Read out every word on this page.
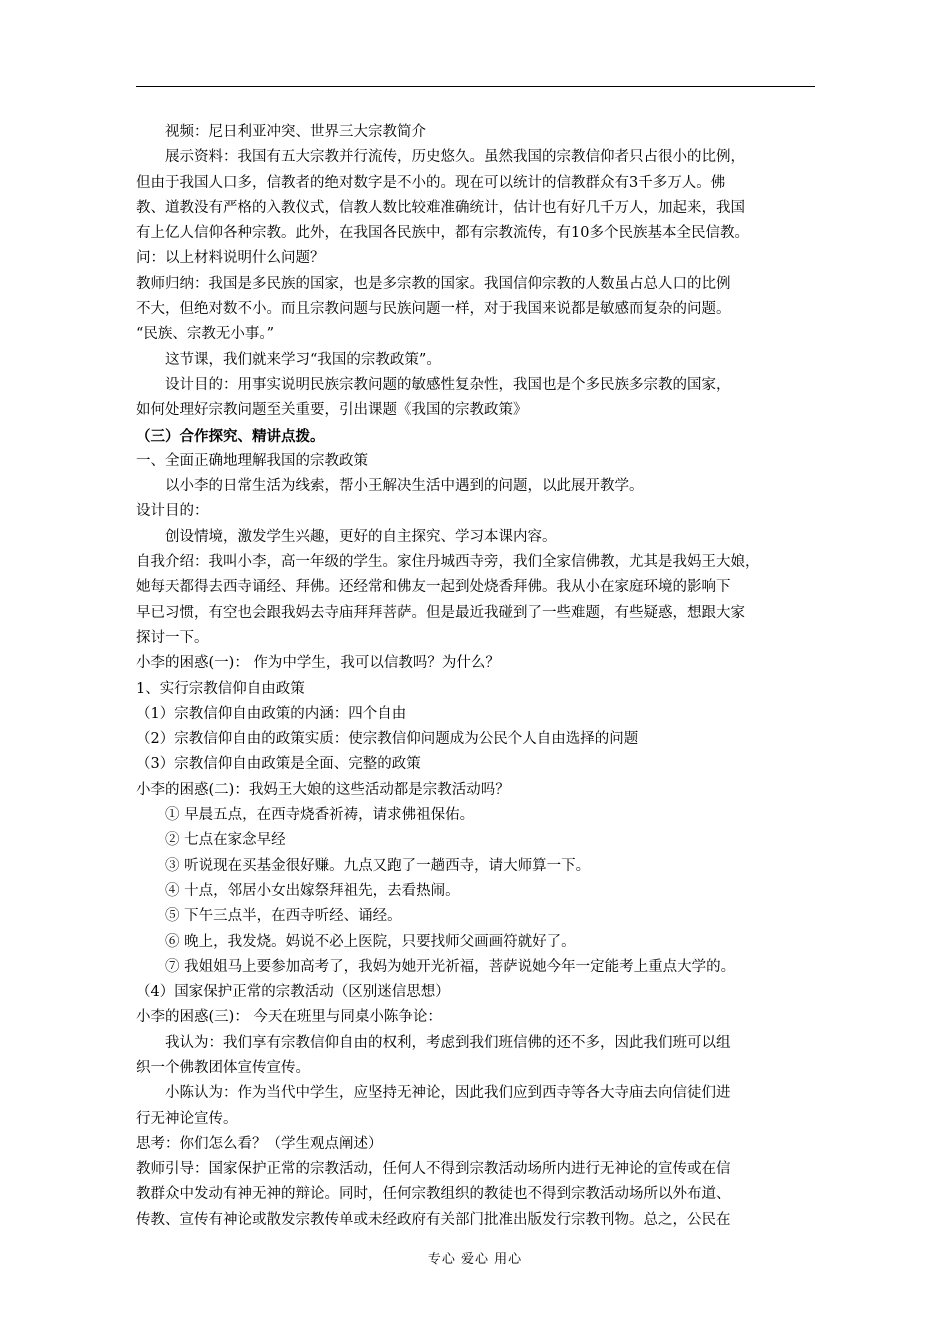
视频：尼日利亚冲突、世界三大宗教简介

展示资料：我国有五大宗教并行流传，历史悠久。虽然我国的宗教信仰者只占很小的比例，

但由于我国人口多，信教者的绝对数字是不小的。现在可以统计的信教群众有3千多万人。佛

教、道教没有严格的入教仪式，信教人数比较难准确统计，估计也有好几千万人，加起来，我国

有上亿人信仰各种宗教。此外，在我国各民族中，都有宗教流传，有10多个民族基本全民信教。

问：以上材料说明什么问题？

教师归纳：我国是多民族的国家，也是多宗教的国家。我国信仰宗教的人数虽占总人口的比例

不大，但绝对数不小。而且宗教问题与民族问题一样，对于我国来说都是敏感而复杂的问题。

“民族、宗教无小事。”

这节课，我们就来学习“我国的宗教政策”。

设计目的：用事实说明民族宗教问题的敏感性复杂性，我国也是个多民族多宗教的国家，

如何处理好宗教问题至关重要，引出课题《我国的宗教政策》

（三）合作探究、精讲点拨。

一、全面正确地理解我国的宗教政策

以小李的日常生活为线索，帮小王解决生活中遇到的问题，以此展开教学。

设计目的：

创设情境，激发学生兴趣，更好的自主探究、学习本课内容。

自我介绍：我叫小李，高一年级的学生。家住丹城西寺旁，我们全家信佛教，尤其是我妈王大娘，

她每天都得去西寺诵经、拜佛。还经常和佛友一起到处烧香拜佛。我从小在家庭环境的影响下

早已习惯，有空也会跟我妈去寺庙拜拜菩萨。但是最近我碰到了一些难题，有些疑惑，想跟大家

探讨一下。

小李的困惑(一)： 作为中学生，我可以信教吗？为什么？

1、实行宗教信仰自由政策

（1）宗教信仰自由政策的内涵：四个自由

（2）宗教信仰自由的政策实质：使宗教信仰问题成为公民个人自由选择的问题

（3）宗教信仰自由政策是全面、完整的政策

小李的困惑(二)：我妈王大娘的这些活动都是宗教活动吗？

① 早晨五点，在西寺烧香祈祷，请求佛祖保佑。

② 七点在家念早经

③ 听说现在买基金很好赚。九点又跑了一趟西寺，请大师算一下。

④ 十点，邻居小女出嫁祭拜祖先，去看热闹。

⑤ 下午三点半，在西寺听经、诵经。

⑥ 晚上，我发烧。妈说不必上医院，只要找师父画画符就好了。

⑦ 我姐姐马上要参加高考了，我妈为她开光祈福，菩萨说她今年一定能考上重点大学的。

（4）国家保护正常的宗教活动（区别迷信思想）

小李的困惑(三)： 今天在班里与同桌小陈争论：

我认为：我们享有宗教信仰自由的权利，考虑到我们班信佛的还不多，因此我们班可以组

织一个佛教团体宣传宣传。

小陈认为：作为当代中学生，应坚持无神论，因此我们应到西寺等各大寺庙去向信徒们进

行无神论宣传。

思考：你们怎么看？（学生观点阐述）

教师引导：国家保护正常的宗教活动，任何人不得到宗教活动场所内进行无神论的宣传或在信

教群众中发动有神无神的辩论。同时，任何宗教组织的教徒也不得到宗教活动场所以外布道、

传教、宣传有神论或散发宗教传单或未经政府有关部门批准出版发行宗教刊物。总之，公民在

专心 爱心 用心
